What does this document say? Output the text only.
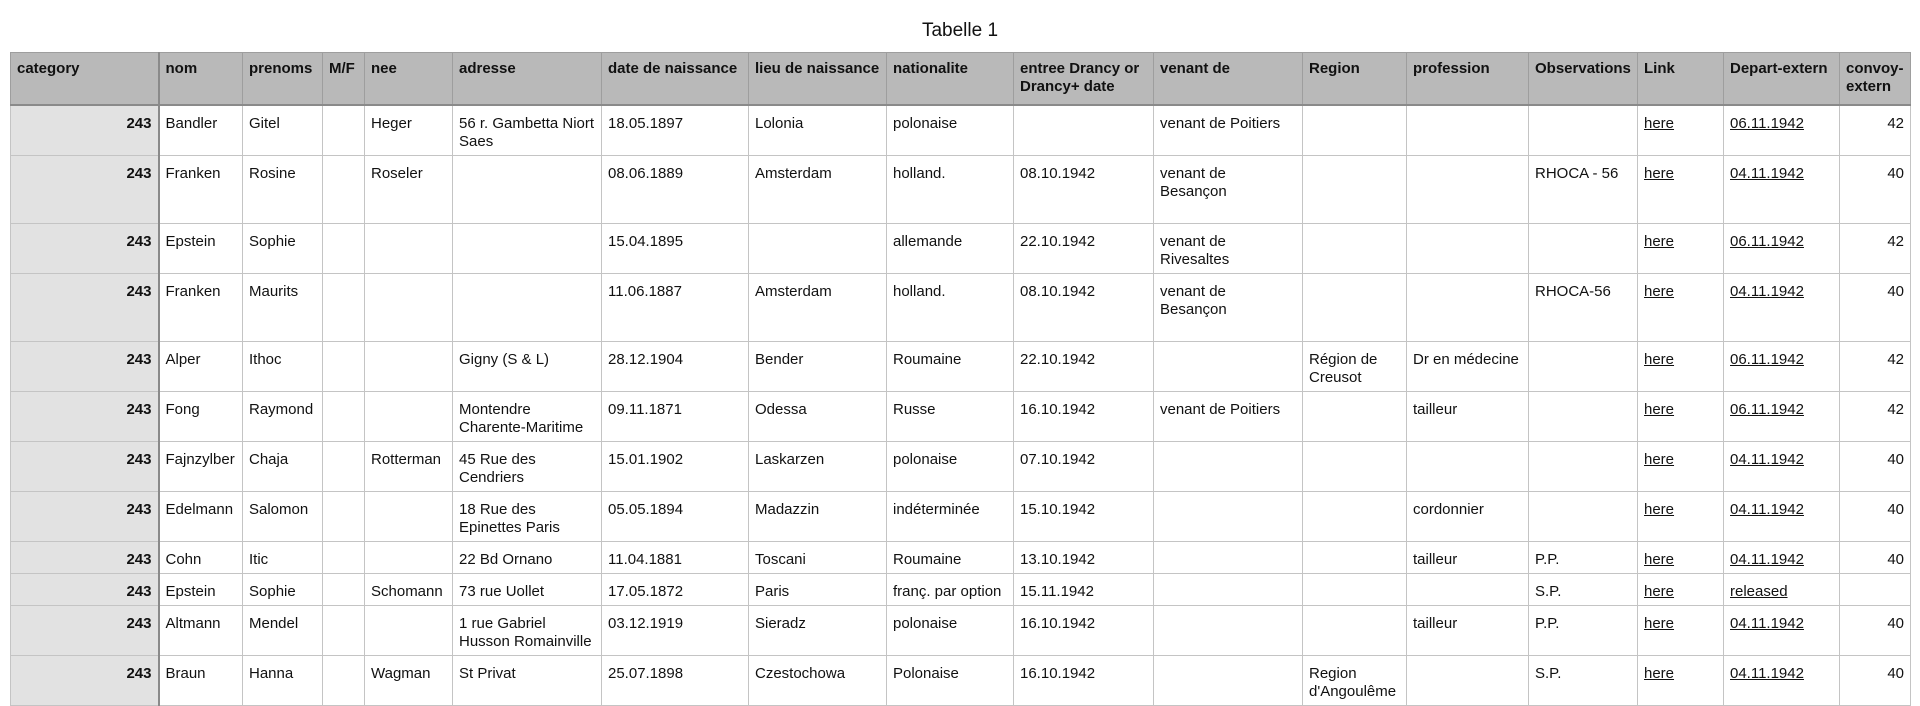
Tabelle 1
category	nom	prenoms	M/F	nee	adresse	date de naissance	lieu de naissance	nationalite	entree Drancy or Drancy+ date	venant de	Region	profession	Observations	Link	Depart-extern	convoy-extern
243	Bandler	Gitel		Heger	56 r. Gambetta Niort Saes	18.05.1897	Lolonia	polonaise		venant de Poitiers				here	06.11.1942	42
243	Franken	Rosine		Roseler		08.06.1889	Amsterdam	holland.	08.10.1942	venant de Besançon			RHOCA - 56	here	04.11.1942	40
243	Epstein	Sophie				15.04.1895		allemande	22.10.1942	venant de Rivesaltes				here	06.11.1942	42
243	Franken	Maurits				11.06.1887	Amsterdam	holland.	08.10.1942	venant de Besançon			RHOCA-56	here	04.11.1942	40
243	Alper	Ithoc			Gigny (S & L)	28.12.1904	Bender	Roumaine	22.10.1942		Région de Creusot	Dr en médecine		here	06.11.1942	42
243	Fong	Raymond			Montendre Charente-Maritime	09.11.1871	Odessa	Russe	16.10.1942	venant de Poitiers		tailleur		here	06.11.1942	42
243	Fajnzylber	Chaja		Rotterman	45 Rue des Cendriers	15.01.1902	Laskarzen	polonaise	07.10.1942					here	04.11.1942	40
243	Edelmann	Salomon			18 Rue des Epinettes Paris	05.05.1894	Madazzin	indéterminée	15.10.1942			cordonnier		here	04.11.1942	40
243	Cohn	Itic			22 Bd Ornano	11.04.1881	Toscani	Roumaine	13.10.1942			tailleur	P.P.	here	04.11.1942	40
243	Epstein	Sophie		Schomann	73 rue Uollet	17.05.1872	Paris	franç. par option	15.11.1942				S.P.	here	released	
243	Altmann	Mendel			1 rue Gabriel Husson Romainville	03.12.1919	Sieradz	polonaise	16.10.1942			tailleur	P.P.	here	04.11.1942	40
243	Braun	Hanna		Wagman	St Privat	25.07.1898	Czestochowa	Polonaise	16.10.1942		Region d'Angoulême		S.P.	here	04.11.1942	40
